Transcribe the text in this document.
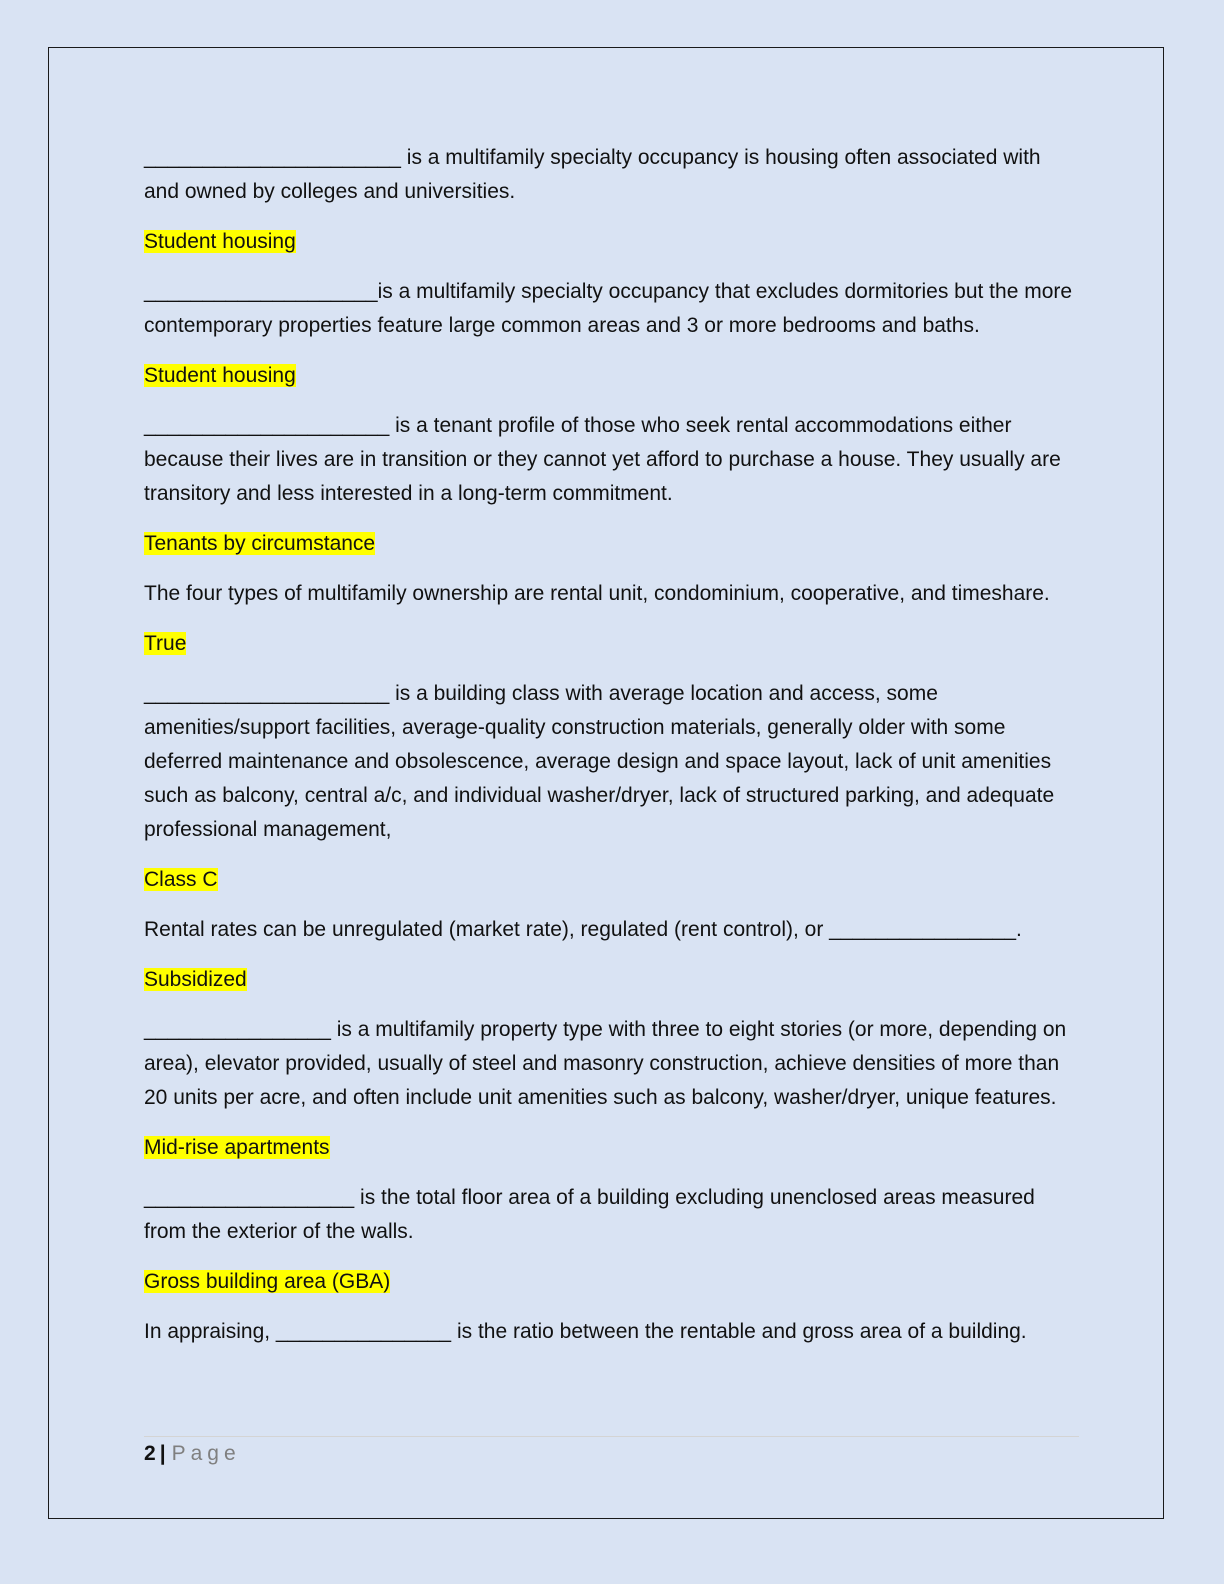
______________________ is a multifamily specialty occupancy is housing often associated with and owned by colleges and universities.

Student housing

____________________is a multifamily specialty occupancy that excludes dormitories but the more contemporary properties feature large common areas and 3 or more bedrooms and baths.

Student housing

_____________________ is a tenant profile of those who seek rental accommodations either because their lives are in transition or they cannot yet afford to purchase a house. They usually are transitory and less interested in a long-term commitment.

Tenants by circumstance

The four types of multifamily ownership are rental unit, condominium, cooperative, and timeshare.

True

_____________________ is a building class with average location and access, some amenities/support facilities, average-quality construction materials, generally older with some deferred maintenance and obsolescence, average design and space layout, lack of unit amenities such as balcony, central a/c, and individual washer/dryer, lack of structured parking, and adequate professional management,

Class C

Rental rates can be unregulated (market rate), regulated (rent control), or ________________.

Subsidized

________________ is a multifamily property type with three to eight stories (or more, depending on area), elevator provided, usually of steel and masonry construction, achieve densities of more than 20 units per acre, and often include unit amenities such as balcony, washer/dryer, unique features.

Mid-rise apartments

__________________ is the total floor area of a building excluding unenclosed areas measured from the exterior of the walls.

Gross building area (GBA)

In appraising, _______________ is the ratio between the rentable and gross area of a building.

2 | Page
